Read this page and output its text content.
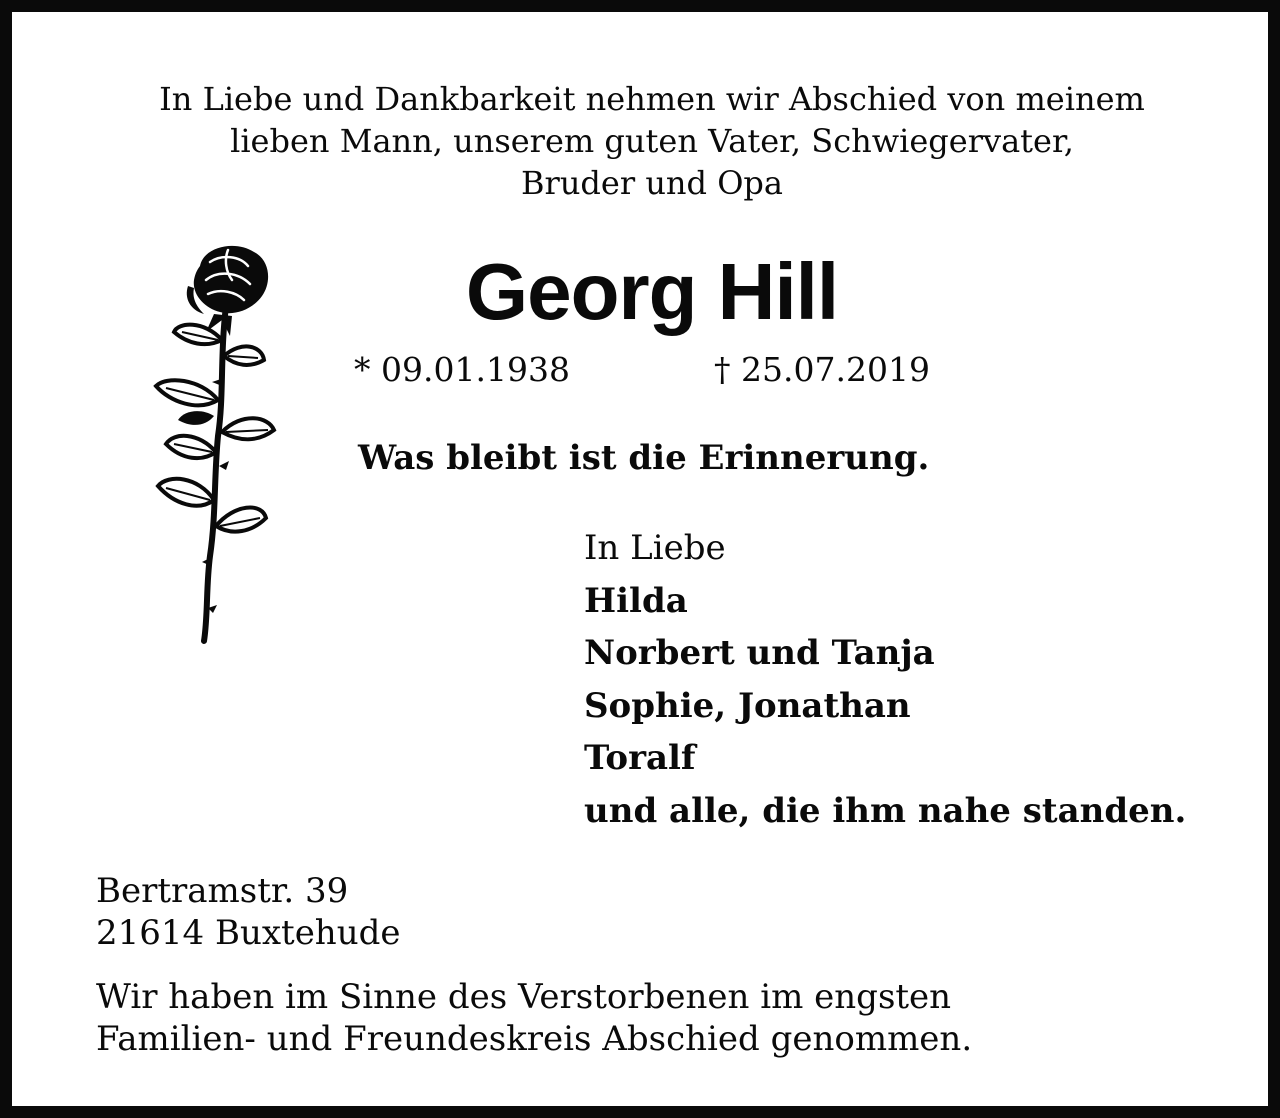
In Liebe und Dankbarkeit nehmen wir Abschied von meinem
lieben Mann, unserem guten Vater, Schwiegervater,
Bruder und Opa
Georg Hill
* 09.01.1938	† 25.07.2019
Was bleibt ist die Erinnerung.
In Liebe
Hilda
Norbert und Tanja
Sophie, Jonathan
Toralf
und alle, die ihm nahe standen.
Bertramstr. 39
21614 Buxtehude
Wir haben im Sinne des Verstorbenen im engsten
Familien- und Freundeskreis Abschied genommen.
